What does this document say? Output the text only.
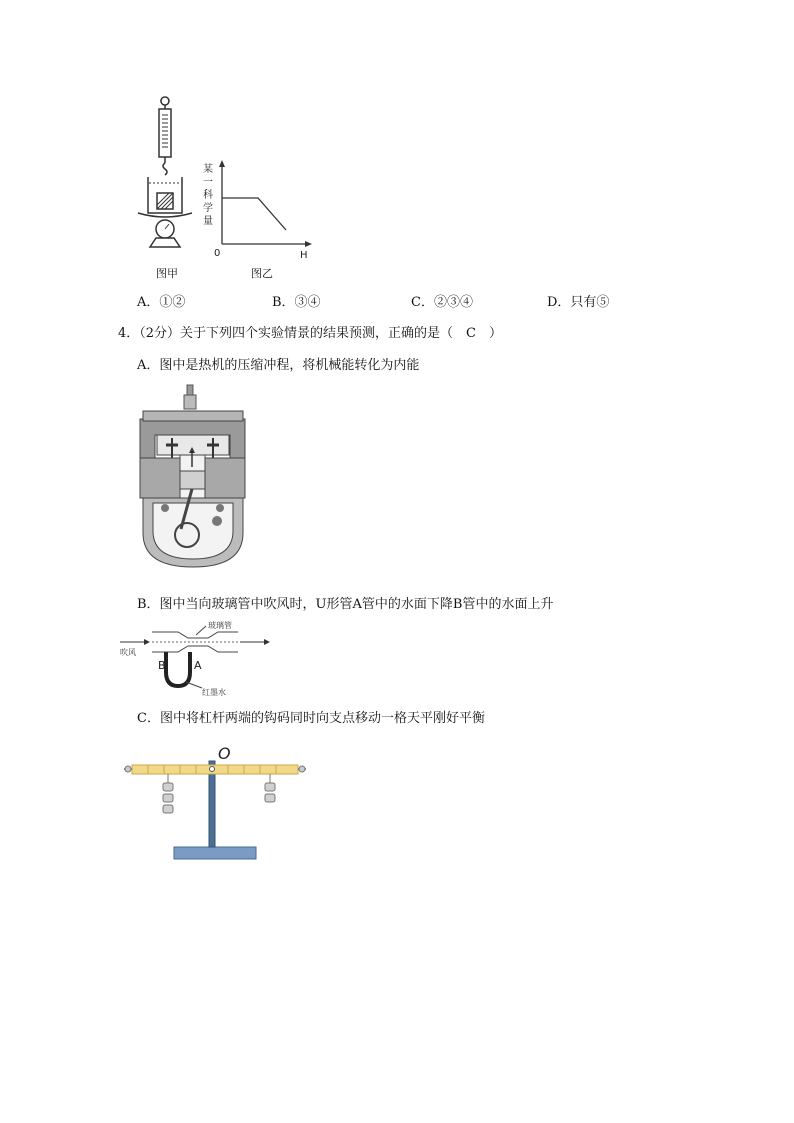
图甲
0	H
某
一
科
学
量
图乙
A．①②	B．③④	C．②③④	D．只有⑤
4．（2分）关于下列四个实验情景的结果预测，正确的是（　C　）
A．图中是热机的压缩冲程，将机械能转化为内能
B．图中当向玻璃管中吹风时，U形管A管中的水面下降B管中的水面上升
吹风
玻璃管
B	A
红墨水
C．图中将杠杆两端的钩码同时向支点移动一格天平刚好平衡
O
